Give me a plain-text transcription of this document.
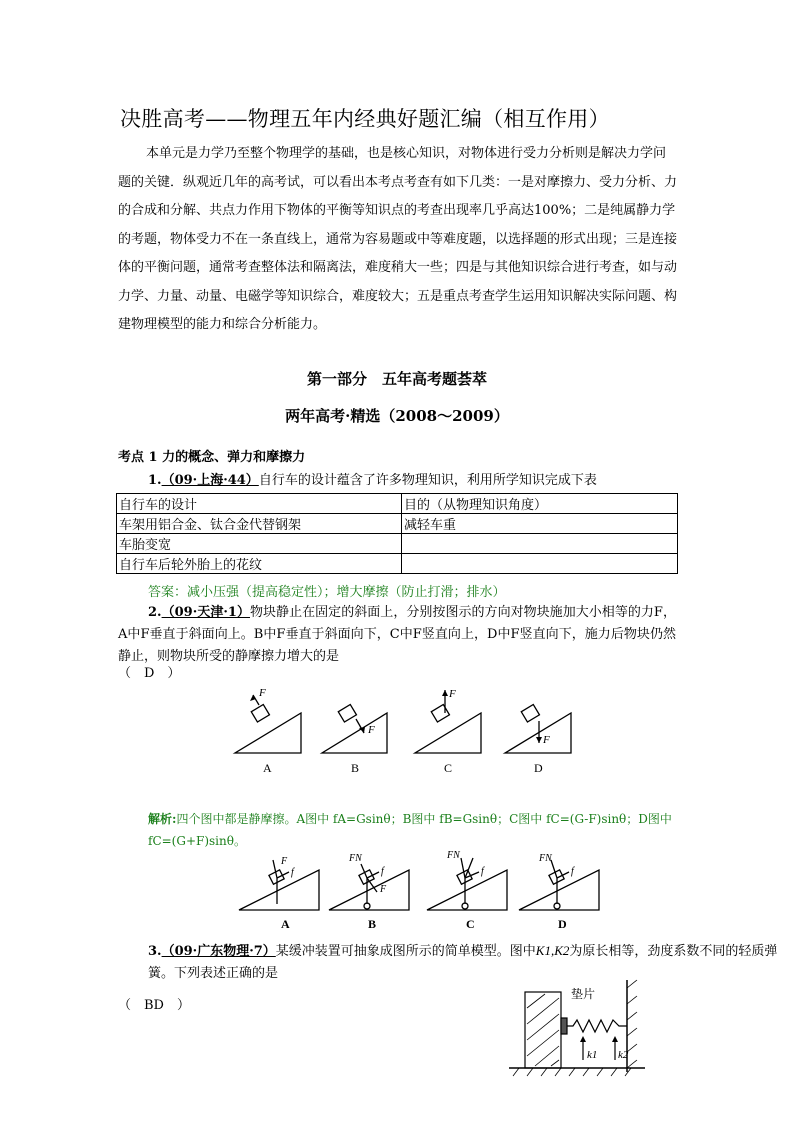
决胜高考——物理五年内经典好题汇编（相互作用）
本单元是力学乃至整个物理学的基础，也是核心知识，对物体进行受力分析则是解决力学问题的关键．纵观近几年的高考试，可以看出本考点考查有如下几类：一是对摩擦力、受力分析、力的合成和分解、共点力作用下物体的平衡等知识点的考查出现率几乎高达100%；二是纯属静力学的考题，物体受力不在一条直线上，通常为容易题或中等难度题，以选择题的形式出现；三是连接体的平衡问题，通常考查整体法和隔离法，难度稍大一些；四是与其他知识综合进行考查，如与动力学、力量、动量、电磁学等知识综合，难度较大；五是重点考查学生运用知识解决实际问题、构建物理模型的能力和综合分析能力。
第一部分　五年高考题荟萃
两年高考·精选（2008～2009）
考点 1 力的概念、弹力和摩擦力
1.（09·上海·44）自行车的设计蕴含了许多物理知识，利用所学知识完成下表
自行车的设计	目的（从物理知识角度）
车架用铝合金、钛合金代替钢架	减轻车重
车胎变宽	
自行车后轮外胎上的花纹	
答案：减小压强（提高稳定性）；增大摩擦（防止打滑；排水）
2.（09·天津·1）物块静止在固定的斜面上，分别按图示的方向对物块施加大小相等的力F，A中F垂直于斜面向上。B中F垂直于斜面向下，C中F竖直向上，D中F竖直向下，施力后物块仍然静止，则物块所受的静摩擦力增大的是
（　D　）
F
F
F
F
A	B	C	D
解析:四个图中都是静摩擦。A图中 fA=Gsinθ；B图中 fB=Gsinθ；C图中 fC=(G-F)sinθ；D图中 fC=(G+F)sinθ。
F
f
FN
F
f
FN
f
FN
f
A	B	C	D
3.（09·广东物理·7）某缓冲装置可抽象成图所示的简单模型。图中K1,K2为原长相等，劲度系数不同的轻质弹簧。下列表述正确的是
（　BD　）
垫片
k1 k2
